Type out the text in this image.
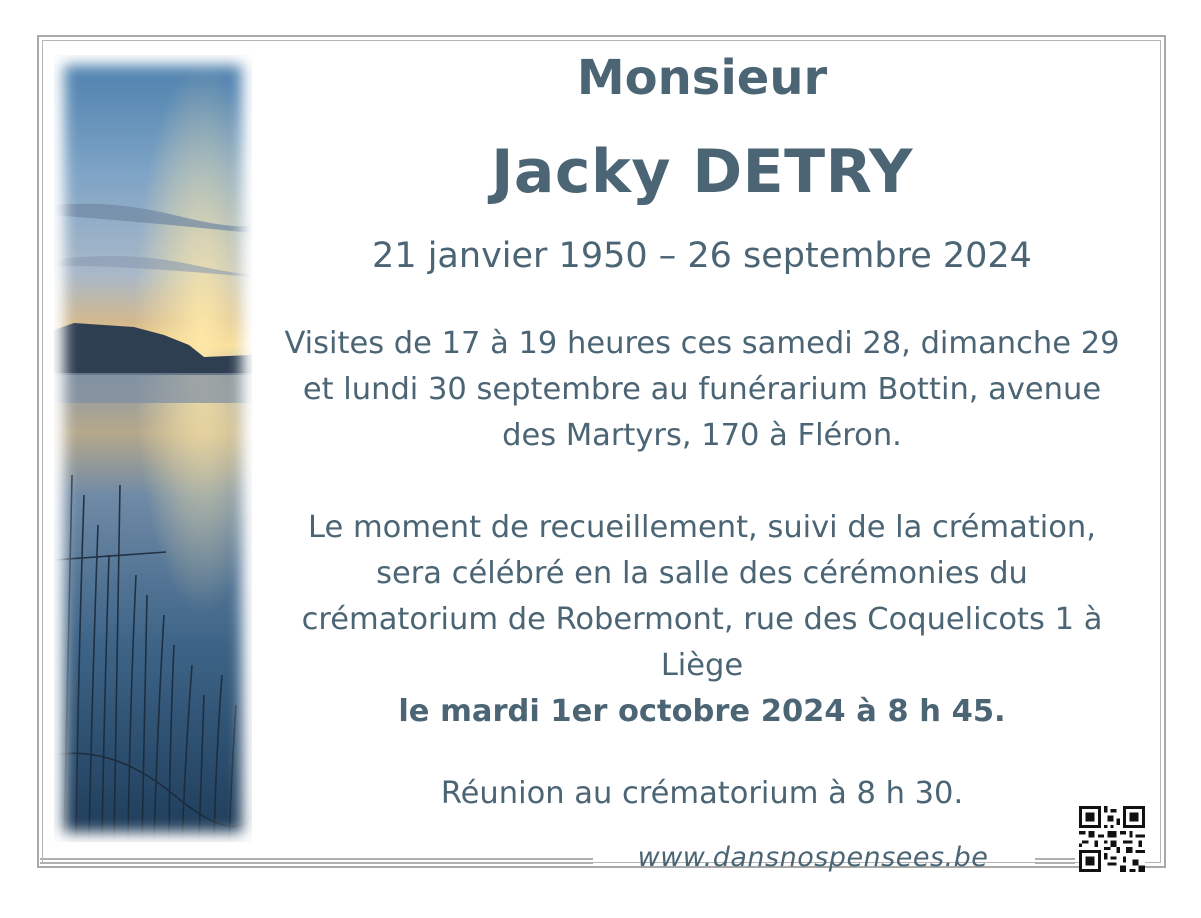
Monsieur
Jacky DETRY

21 janvier 1950 – 26 septembre 2024

Visites de 17 à 19 heures ces samedi 28, dimanche 29
et lundi 30 septembre au funérarium Bottin, avenue
des Martyrs, 170 à Fléron.

Le moment de recueillement, suivi de la crémation,
sera célébré en la salle des cérémonies du
crématorium de Robermont, rue des Coquelicots 1 à
Liège

le mardi 1er octobre 2024 à 8 h 45.

Réunion au crématorium à 8 h 30.

www.dansnospensees.be
